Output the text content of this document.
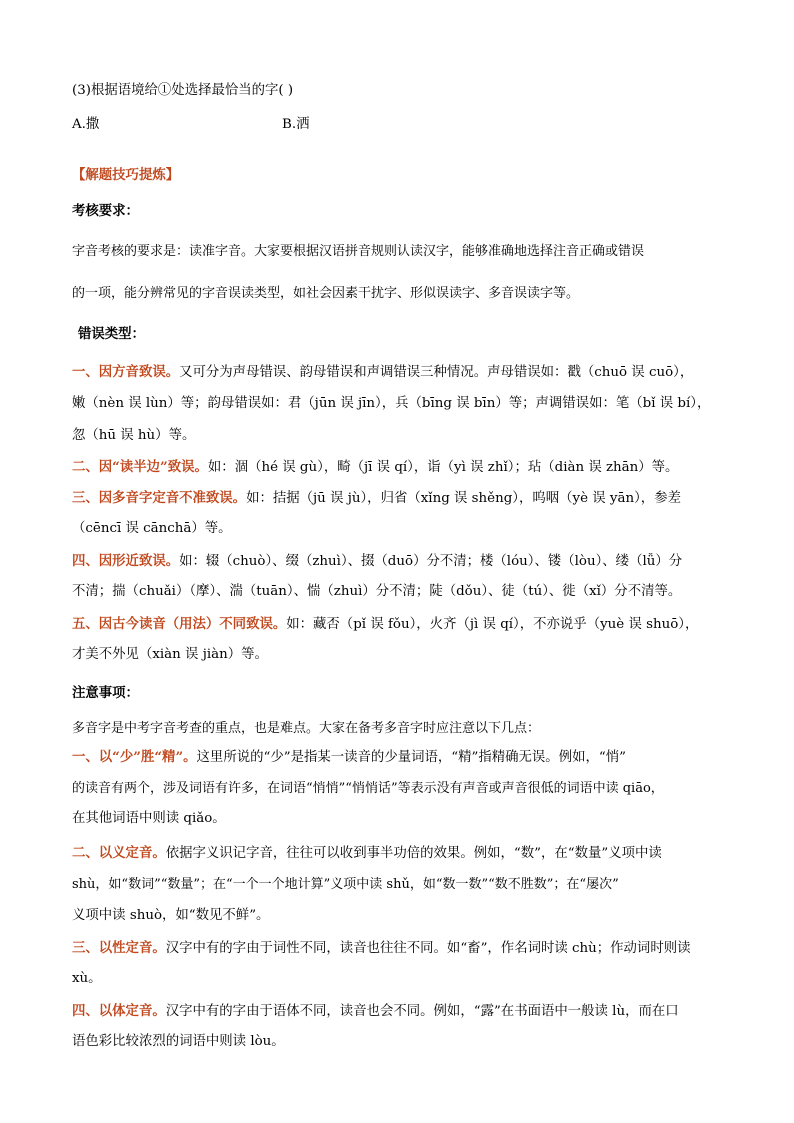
(3)根据语境给①处选择最恰当的字( )
A.撒	B.洒
【解题技巧提炼】
考核要求：
字音考核的要求是：读准字音。大家要根据汉语拼音规则认读汉字，能够准确地选择注音正确或错误
的一项，能分辨常见的字音误读类型，如社会因素干扰字、形似误读字、多音误读字等。
错误类型：
一、因方音致误。又可分为声母错误、韵母错误和声调错误三种情况。声母错误如：戳（chuō 误 cuō），
嫩（nèn 误 lùn）等；韵母错误如：君（jūn 误 jīn），兵（bīng 误 bīn）等；声调错误如：笔（bǐ 误 bí），
忽（hū 误 hù）等。
二、因“读半边”致误。如：涸（hé 误 gù），畸（jī 误 qí），诣（yì 误 zhǐ）；玷（diàn 误 zhān）等。
三、因多音字定音不准致误。如：拮据（jū 误 jù），归省（xǐng 误 shěng），呜咽（yè 误 yān），参差
（cēncī 误 cānchā）等。
四、因形近致误。如：辍（chuò）、缀（zhuì）、掇（duō）分不清；楼（lóu）、镂（lòu）、缕（lǚ）分
不清；揣（chuǎi）（摩）、湍（tuān）、惴（zhuì）分不清；陡（dǒu）、徒（tú）、徙（xǐ）分不清等。
五、因古今读音（用法）不同致误。如：藏否（pǐ 误 fǒu），火齐（jì 误 qí），不亦说乎（yuè 误 shuō），
才美不外见（xiàn 误 jiàn）等。
注意事项：
多音字是中考字音考查的重点，也是难点。大家在备考多音字时应注意以下几点：
一、以“少”胜“精”。这里所说的“少”是指某一读音的少量词语，“精”指精确无误。例如，“悄”
的读音有两个，涉及词语有许多，在词语“悄悄”“悄悄话”等表示没有声音或声音很低的词语中读 qiāo，
在其他词语中则读 qiǎo。
二、以义定音。依据字义识记字音，往往可以收到事半功倍的效果。例如，“数”，在“数量”义项中读
shù，如“数词”“数量”；在“一个一个地计算”义项中读 shǔ，如“数一数”“数不胜数”；在“屡次”
义项中读 shuò，如“数见不鲜”。
三、以性定音。汉字中有的字由于词性不同，读音也往往不同。如“畜”，作名词时读 chù；作动词时则读
xù。
四、以体定音。汉字中有的字由于语体不同，读音也会不同。例如，“露”在书面语中一般读 lù，而在口
语色彩比较浓烈的词语中则读 lòu。
